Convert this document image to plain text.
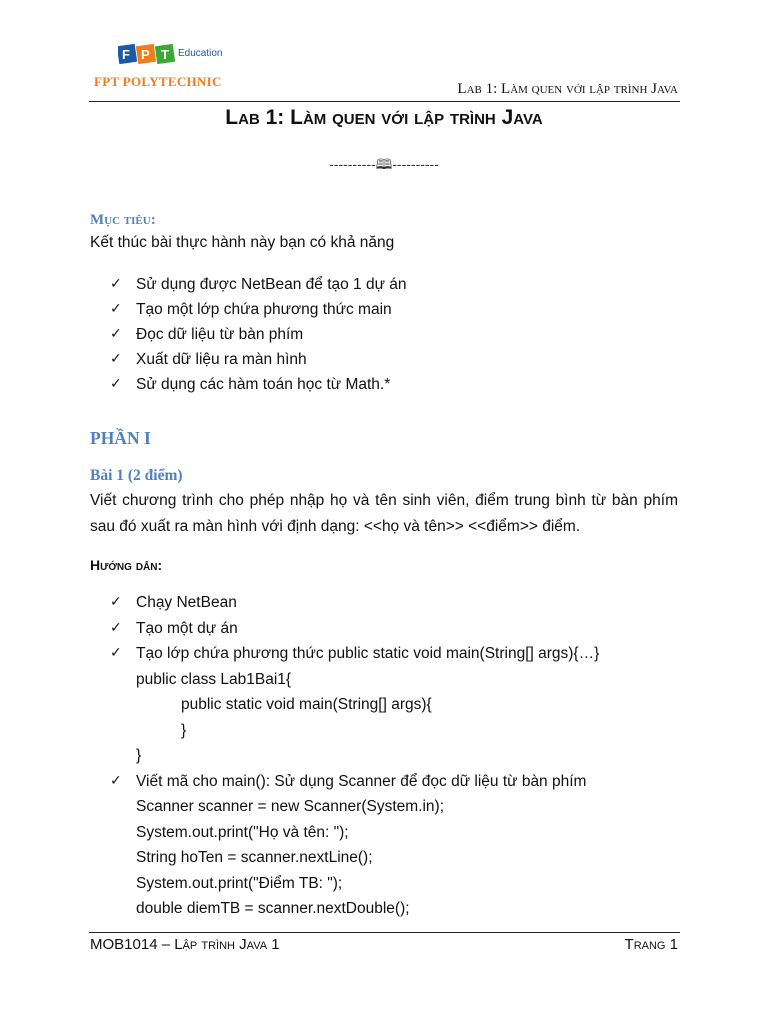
F P T Education
FPT POLYTECHNIC	Lab 1: Làm quen với lập trình Java
Lab 1: Làm quen với lập trình Java
----------🕮----------
Mục tiêu:
Kết thúc bài thực hành này bạn có khả năng
✓ Sử dụng được NetBean để tạo 1 dự án
✓ Tạo một lớp chứa phương thức main
✓ Đọc dữ liệu từ bàn phím
✓ Xuất dữ liệu ra màn hình
✓ Sử dụng các hàm toán học từ Math.*
PHẦN I
Bài 1 (2 điểm)
Viết chương trình cho phép nhập họ và tên sinh viên, điểm trung bình từ bàn phím sau đó xuất ra màn hình với định dạng: <<họ và tên>> <<điểm>> điểm.
Hướng dẫn:
✓ Chạy NetBean
✓ Tạo một dự án
✓ Tạo lớp chứa phương thức public static void main(String[] args){…}
public class Lab1Bai1{
public static void main(String[] args){
}
}
✓ Viết mã cho main(): Sử dụng Scanner để đọc dữ liệu từ bàn phím
Scanner scanner = new Scanner(System.in);
System.out.print("Họ và tên: ");
String hoTen = scanner.nextLine();
System.out.print("Điểm TB: ");
double diemTB = scanner.nextDouble();
MOB1014 – Lập trình Java 1	Trang 1
